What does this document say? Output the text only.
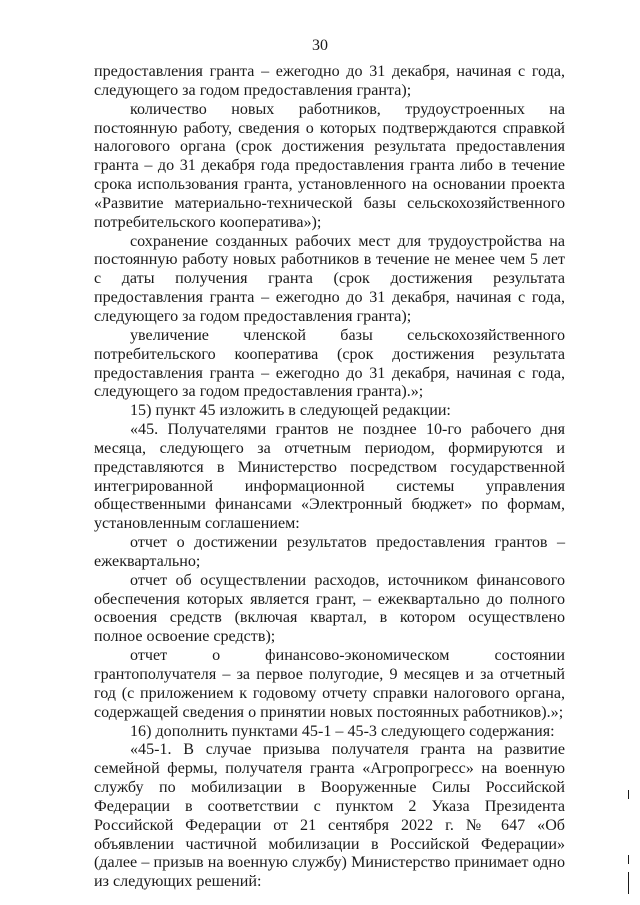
30

предоставления гранта – ежегодно до 31 декабря, начиная с года, следующего за годом предоставления гранта);

количество новых работников, трудоустроенных на постоянную работу, сведения о которых подтверждаются справкой налогового органа (срок достижения результата предоставления гранта – до 31 декабря года предоставления гранта либо в течение срока использования гранта, установленного на основании проекта «Развитие материально-технической базы сельскохозяйственного потребительского кооператива»);

сохранение созданных рабочих мест для трудоустройства на постоянную работу новых работников в течение не менее чем 5 лет с даты получения гранта (срок достижения результата предоставления гранта – ежегодно до 31 декабря, начиная с года, следующего за годом предоставления гранта);

увеличение членской базы сельскохозяйственного потребительского кооператива (срок достижения результата предоставления гранта – ежегодно до 31 декабря, начиная с года, следующего за годом предоставления гранта).»;

15) пункт 45 изложить в следующей редакции:

«45. Получателями грантов не позднее 10-го рабочего дня месяца, следующего за отчетным периодом, формируются и представляются в Министерство посредством государственной интегрированной информационной системы управления общественными финансами «Электронный бюджет» по формам, установленным соглашением:

отчет о достижении результатов предоставления грантов – ежеквартально;

отчет об осуществлении расходов, источником финансового обеспечения которых является грант, – ежеквартально до полного освоения средств (включая квартал, в котором осуществлено полное освоение средств);

отчет о финансово-экономическом состоянии грантополучателя – за первое полугодие, 9 месяцев и за отчетный год (с приложением к годовому отчету справки налогового органа, содержащей сведения о принятии новых постоянных работников).»;

16) дополнить пунктами 45-1 – 45-3 следующего содержания:

«45-1. В случае призыва получателя гранта на развитие семейной фермы, получателя гранта «Агропрогресс» на военную службу по мобилизации в Вооруженные Силы Российской Федерации в соответствии с пунктом 2 Указа Президента Российской Федерации от 21 сентября 2022 г. № 647 «Об объявлении частичной мобилизации в Российской Федерации» (далее – призыв на военную службу) Министерство принимает одно из следующих решений:
